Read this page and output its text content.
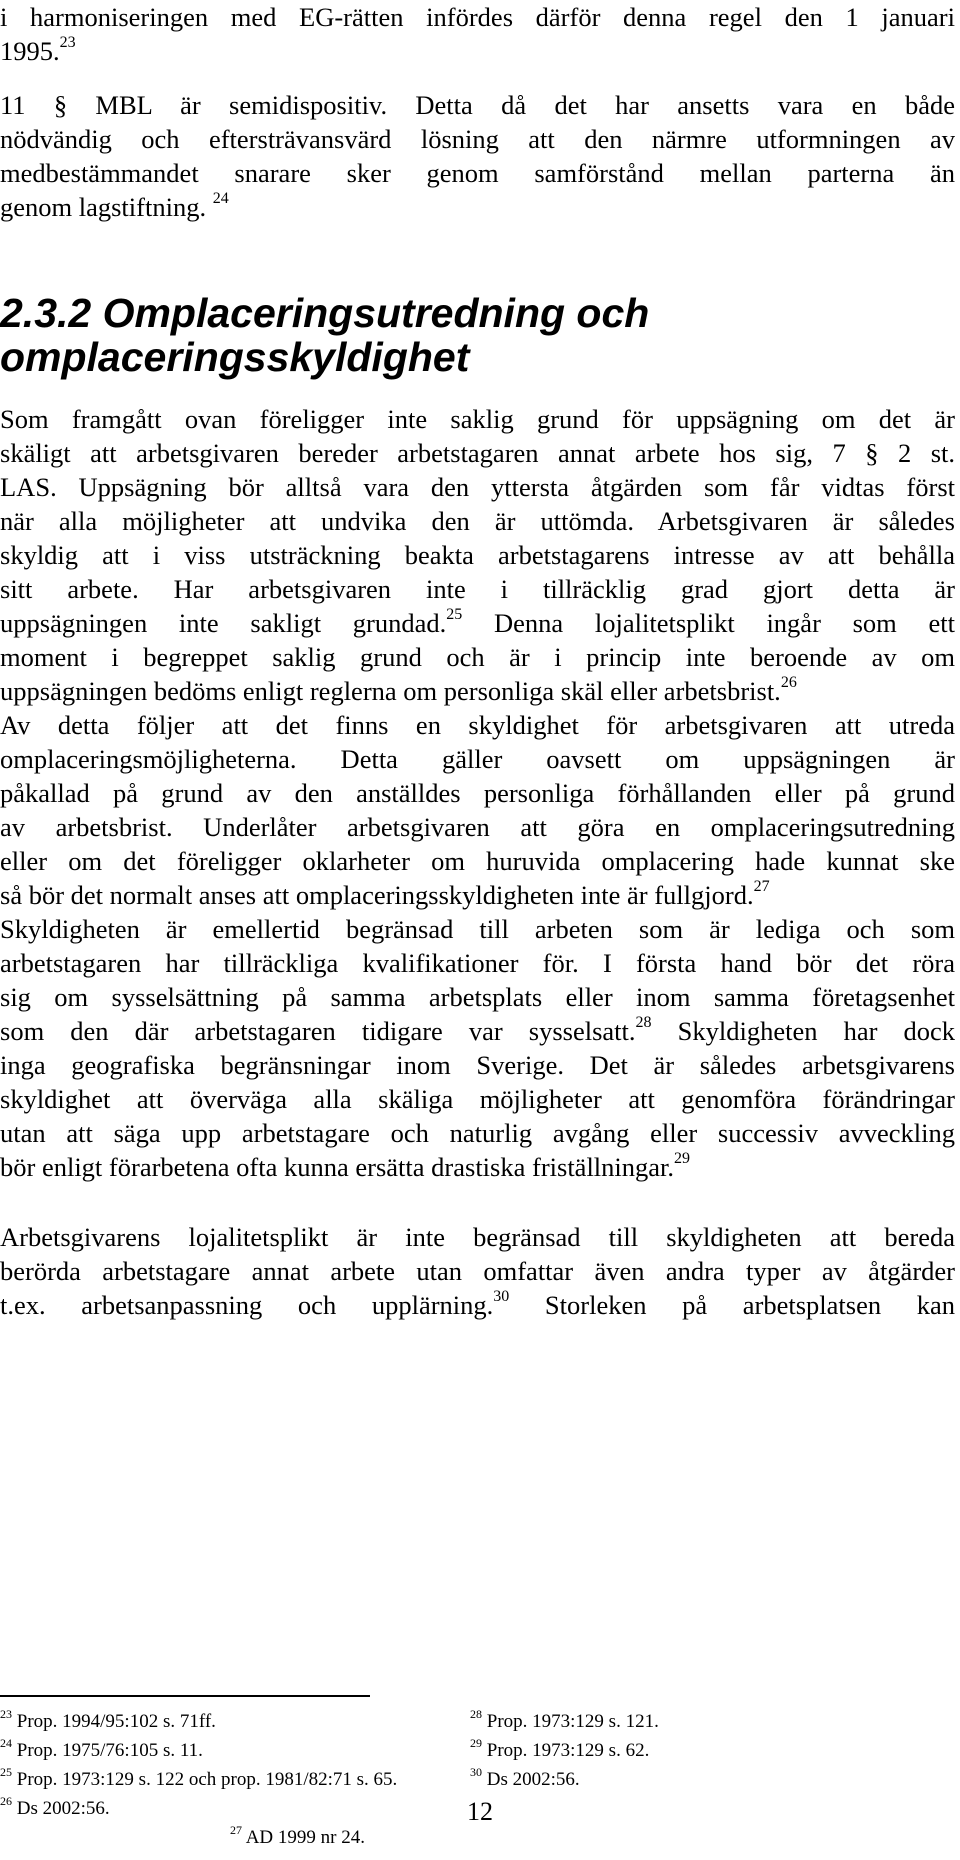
i harmoniseringen med EG-rätten infördes därför denna regel den 1 januari
1995.23
11 § MBL är semidispositiv. Detta då det har ansetts vara en både
nödvändig och eftersträvansvärd lösning att den närmre utformningen av
medbestämmandet snarare sker genom samförstånd mellan parterna än
genom lagstiftning. $^{24}$
2.3.2 Omplaceringsutredning och
omplaceringsskyldighet
Som framgått ovan föreligger inte saklig grund för uppsägning om det är
skäligt att arbetsgivaren bereder arbetstagaren annat arbete hos sig, 7 § 2 st.
LAS. Uppsägning bör alltså vara den yttersta åtgärden som får vidtas först
när alla möjligheter att undvika den är uttömda. Arbetsgivaren är således
skyldig att i viss utsträckning beakta arbetstagarens intresse av att behålla
sitt arbete. Har arbetsgivaren inte i tillräcklig grad gjort detta är
uppsägningen inte sakligt grundad.$^{25}$ Denna lojalitetsplikt ingår som ett
moment i begreppet saklig grund och är i princip inte beroende av om
uppsägningen bedöms enligt reglerna om personliga skäl eller arbetsbrist.$^{26}$
Av detta följer att det finns en skyldighet för arbetsgivaren att utreda
omplaceringsmöjligheterna. Detta gäller oavsett om uppsägningen är
påkallad på grund av den anställdes personliga förhållanden eller på grund
av arbetsbrist. Underlåter arbetsgivaren att göra en omplaceringsutredning
eller om det föreligger oklarheter om huruvida omplacering hade kunnat ske
så bör det normalt anses att omplaceringsskyldigheten inte är fullgjord.$^{27}$
Skyldigheten är emellertid begränsad till arbeten som är lediga och som
arbetstagaren har tillräckliga kvalifikationer för. I första hand bör det röra
sig om sysselsättning på samma arbetsplats eller inom samma företagsenhet
som den där arbetstagaren tidigare var sysselsatt.$^{28}$ Skyldigheten har dock
inga geografiska begränsningar inom Sverige. Det är således arbetsgivarens
skyldighet att överväga alla skäliga möjligheter att genomföra förändringar
utan att säga upp arbetstagare och naturlig avgång eller successiv avveckling
bör enligt förarbetena ofta kunna ersätta drastiska friställningar.$^{29}$
Arbetsgivarens lojalitetsplikt är inte begränsad till skyldigheten att bereda
berörda arbetstagare annat arbete utan omfattar även andra typer av åtgärder
t.ex. arbetsanpassning och upplärning.$^{30}$ Storleken på arbetsplatsen kan
$^{23}$ Prop. 1994/95:102 s. 71ff.
$^{24}$ Prop. 1975/76:105 s. 11.
$^{25}$ Prop. 1973:129 s. 122 och prop. 1981/82:71 s. 65.
$^{26}$ Ds 2002:56.
$^{27}$ AD 1999 nr 24.
$^{28}$ Prop. 1973:129 s. 121.
$^{29}$ Prop. 1973:129 s. 62.
$^{30}$ Ds 2002:56.
12
